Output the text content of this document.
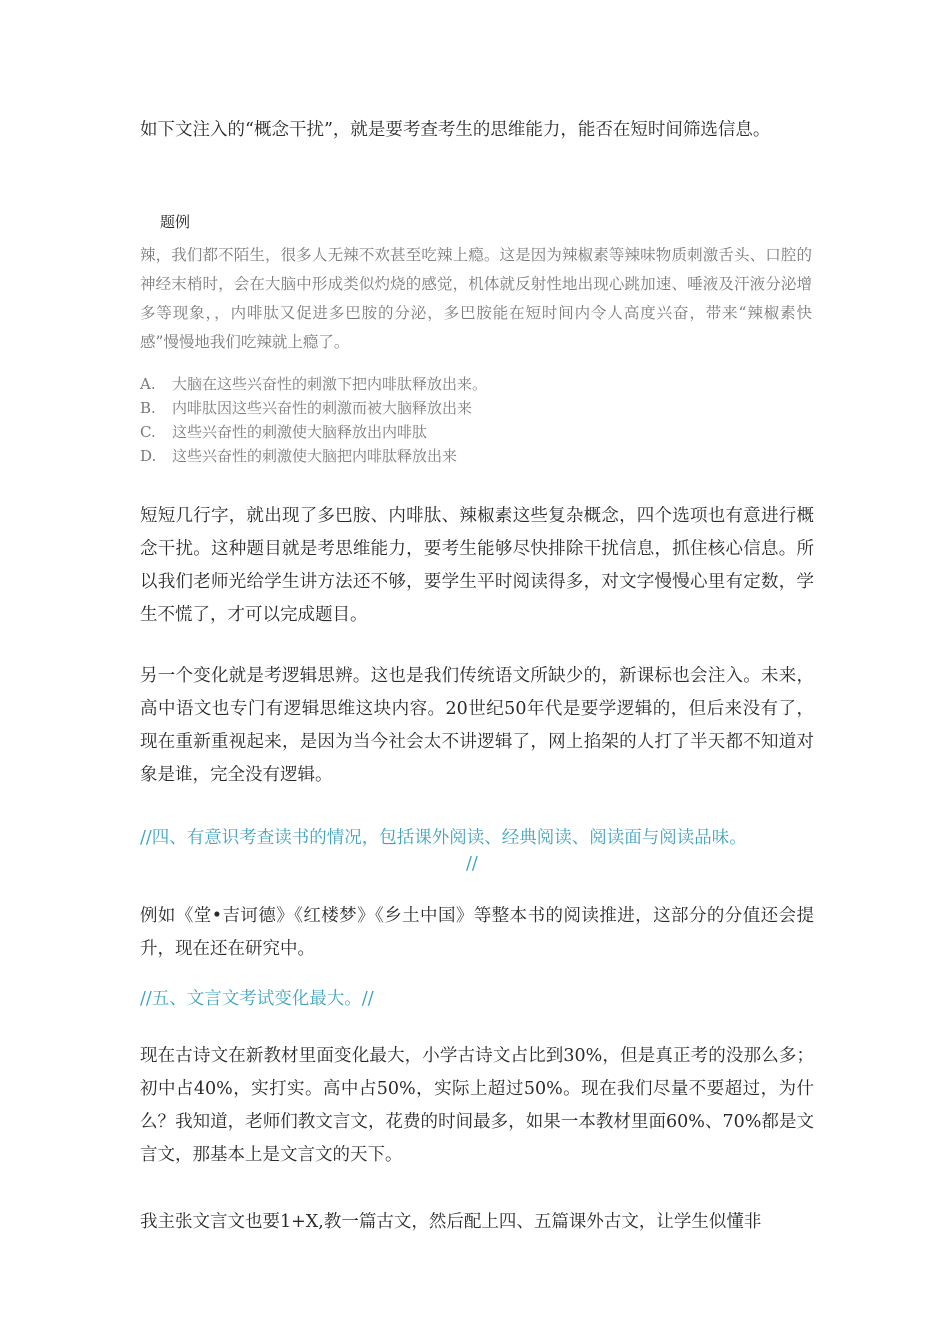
如下文注入的“概念干扰”，就是要考查考生的思维能力，能否在短时间筛选信息。

题例

辣，我们都不陌生，很多人无辣不欢甚至吃辣上瘾。这是因为辣椒素等辣味物质刺激舌头、口腔的神经末梢时，会在大脑中形成类似灼烧的感觉，机体就反射性地出现心跳加速、唾液及汗液分泌增多等现象，，内啡肽又促进多巴胺的分泌，多巴胺能在短时间内令人高度兴奋，带来“辣椒素快感”慢慢地我们吃辣就上瘾了。

A.	大脑在这些兴奋性的刺激下把内啡肽释放出来。
B.	内啡肽因这些兴奋性的刺激而被大脑释放出来
C.	这些兴奋性的刺激使大脑释放出内啡肽
D.	这些兴奋性的刺激使大脑把内啡肽释放出来

短短几行字，就出现了多巴胺、内啡肽、辣椒素这些复杂概念，四个选项也有意进行概念干扰。这种题目就是考思维能力，要考生能够尽快排除干扰信息，抓住核心信息。所以我们老师光给学生讲方法还不够，要学生平时阅读得多，对文字慢慢心里有定数，学生不慌了，才可以完成题目。

另一个变化就是考逻辑思辨。这也是我们传统语文所缺少的，新课标也会注入。未来，高中语文也专门有逻辑思维这块内容。20世纪50年代是要学逻辑的，但后来没有了，现在重新重视起来，是因为当今社会太不讲逻辑了，网上掐架的人打了半天都不知道对象是谁，完全没有逻辑。

//四、有意识考查读书的情况，包括课外阅读、经典阅读、阅读面与阅读品味。

//

例如《堂•吉诃德》《红楼梦》《乡土中国》等整本书的阅读推进，这部分的分值还会提升，现在还在研究中。

//五、文言文考试变化最大。//

现在古诗文在新教材里面变化最大，小学古诗文占比到30%，但是真正考的没那么多；初中占40%，实打实。高中占50%，实际上超过50%。现在我们尽量不要超过，为什么？我知道，老师们教文言文，花费的时间最多，如果一本教材里面60%、70%都是文言文，那基本上是文言文的天下。

我主张文言文也要1+X,教一篇古文，然后配上四、五篇课外古文，让学生似懂非
